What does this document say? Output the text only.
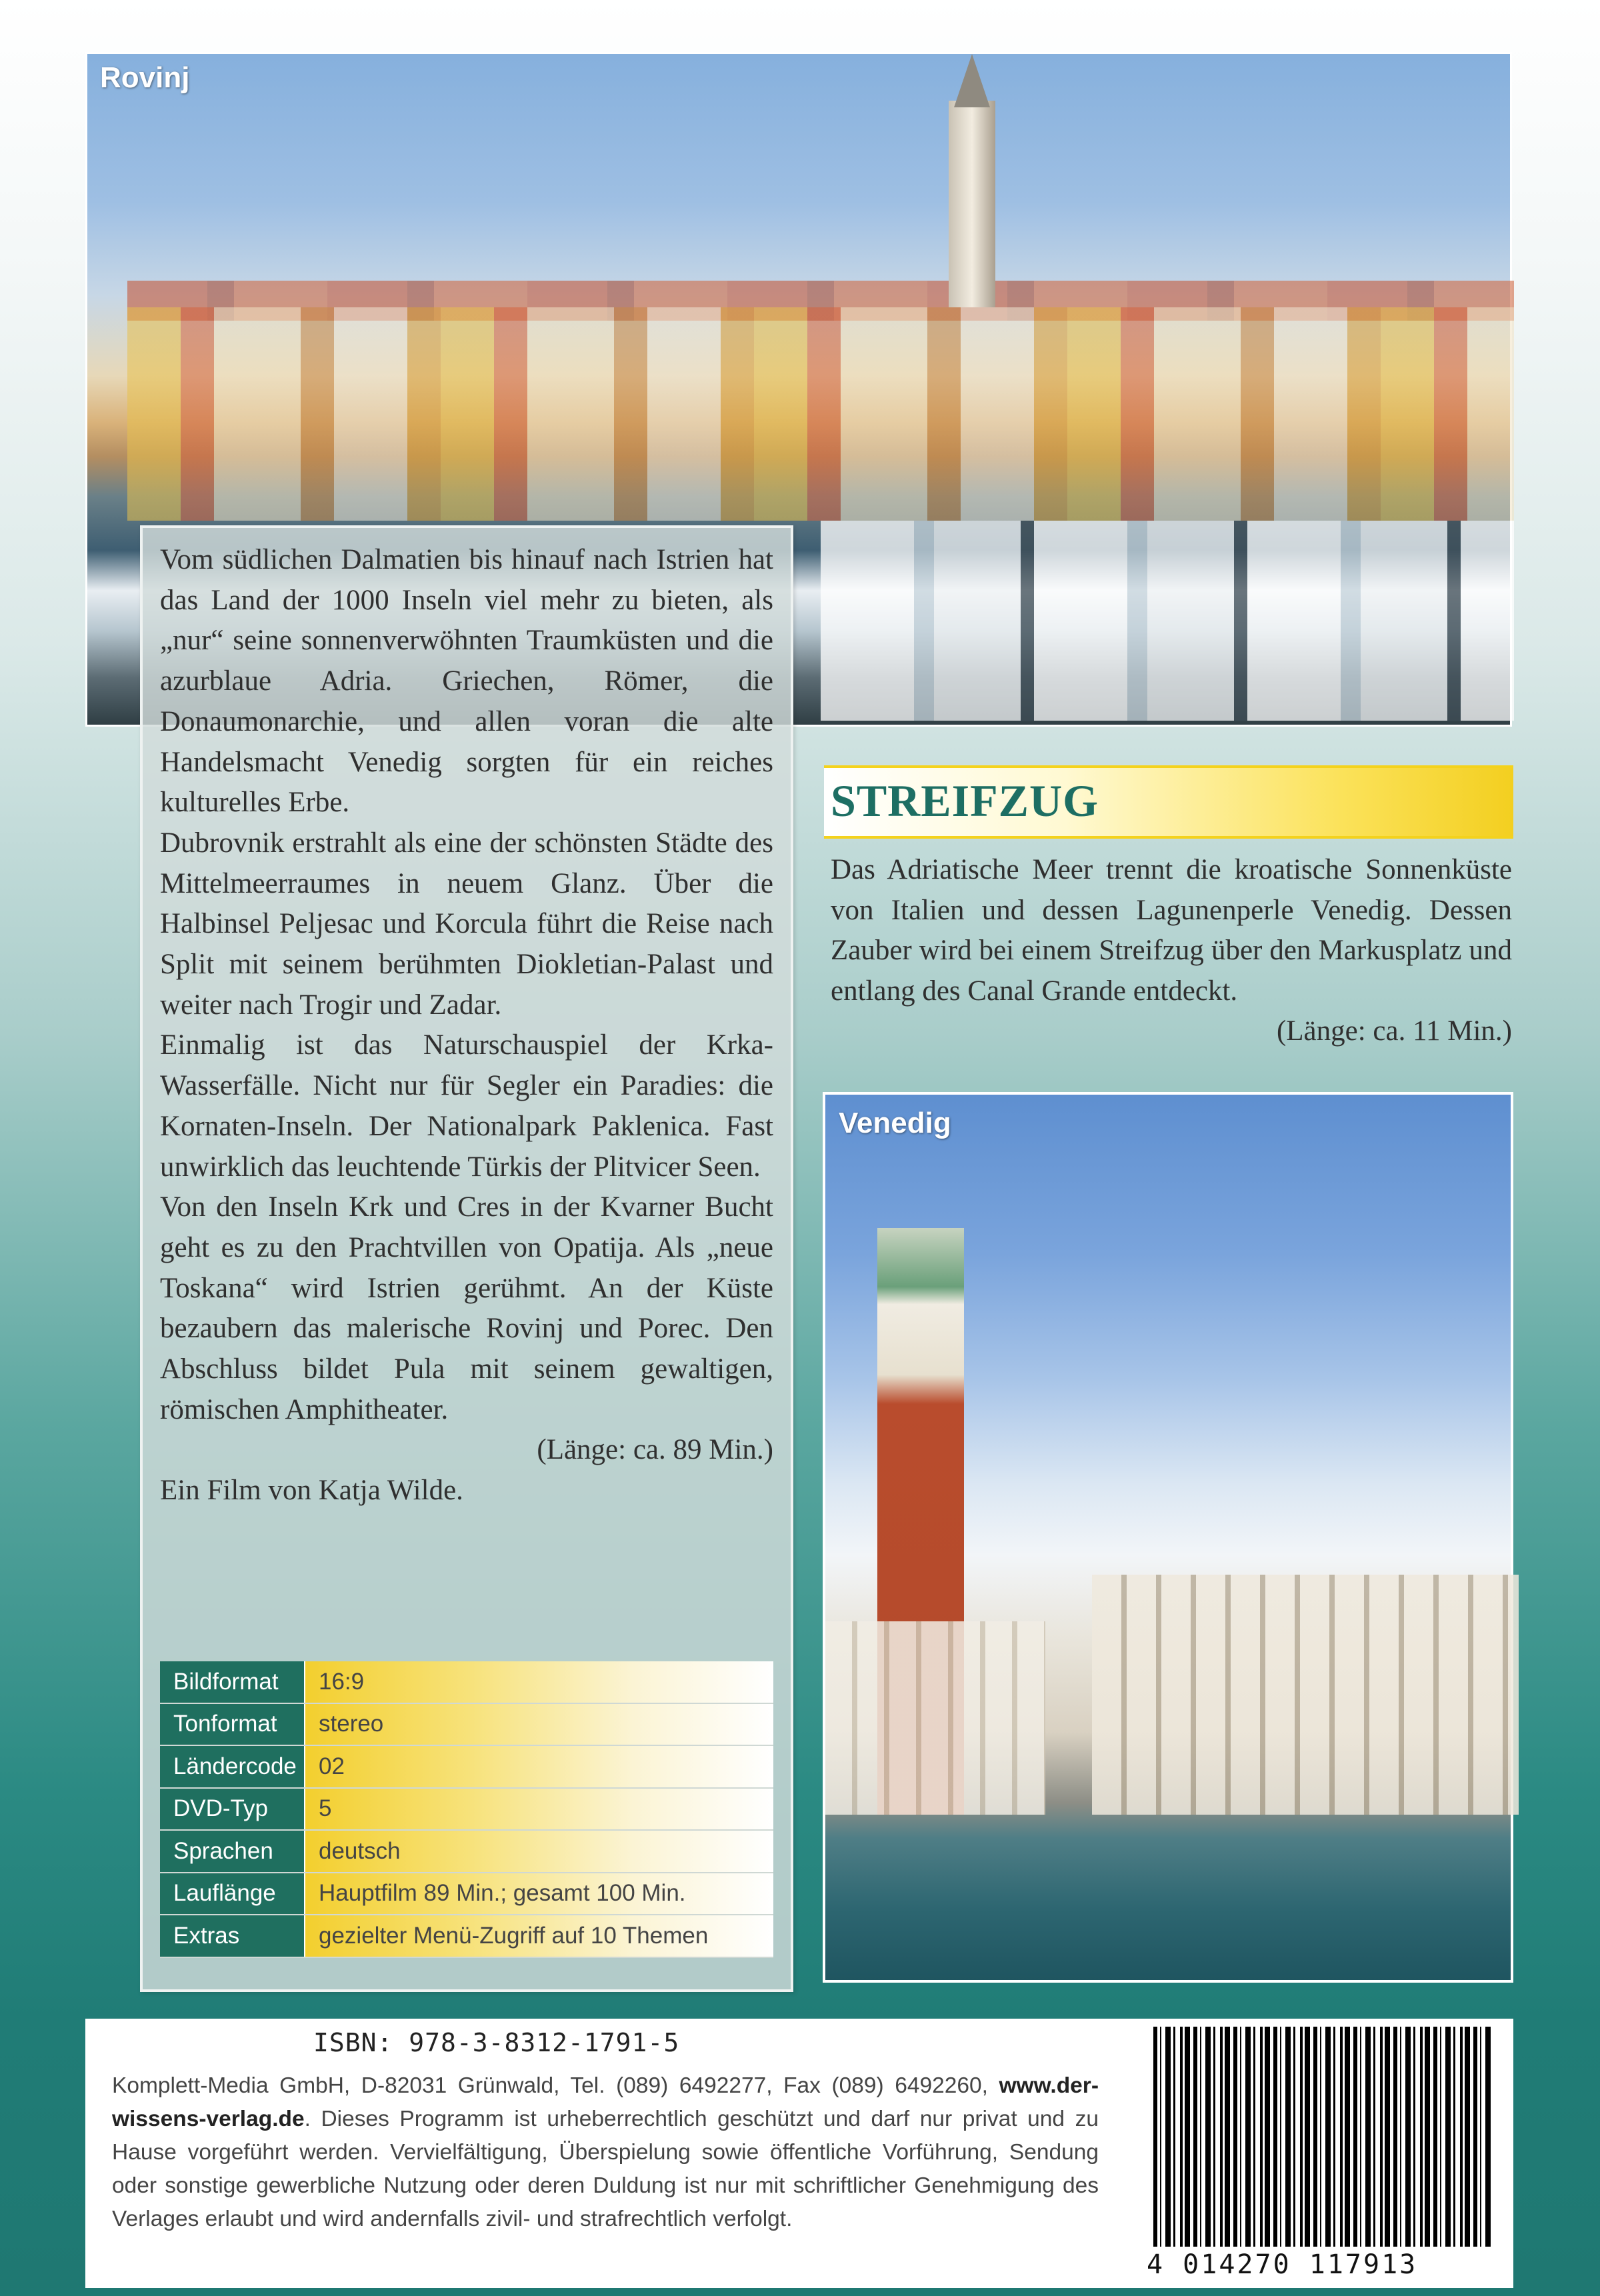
Rovinj

Vom südlichen Dalmatien bis hinauf nach Istrien hat das Land der 1000 Inseln viel mehr zu bieten, als „nur“ seine sonnenverwöhnten Traumküsten und die azurblaue Adria. Griechen, Römer, die Donaumonarchie, und allen voran die alte Handelsmacht Venedig sorgten für ein reiches kulturelles Erbe.

Dubrovnik erstrahlt als eine der schönsten Städte des Mittelmeerraumes in neuem Glanz. Über die Halbinsel Peljesac und Korcula führt die Reise nach Split mit seinem berühmten Diokletian-Palast und weiter nach Trogir und Zadar.

Einmalig ist das Naturschauspiel der Krka-Wasserfälle. Nicht nur für Segler ein Paradies: die Kornaten-Inseln. Der Nationalpark Paklenica. Fast unwirklich das leuchtende Türkis der Plitvicer Seen.

Von den Inseln Krk und Cres in der Kvarner Bucht geht es zu den Prachtvillen von Opatija. Als „neue Toskana“ wird Istrien gerühmt. An der Küste bezaubern das malerische Rovinj und Porec. Den Abschluss bildet Pula mit seinem gewaltigen, römischen Amphitheater.

(Länge: ca. 89 Min.)

Ein Film von Katja Wilde.

Bildformat	16:9
Tonformat	stereo
Ländercode	02
DVD-Typ	5
Sprachen	deutsch
Lauflänge	Hauptfilm 89 Min.; gesamt 100 Min.
Extras	gezielter Menü-Zugriff auf 10 Themen
STREIFZUG
Das Adriatische Meer trennt die kroatische Sonnenküste von Italien und dessen Lagunenperle Venedig. Dessen Zauber wird bei einem Streifzug über den Markusplatz und entlang des Canal Grande entdeckt.
(Länge: ca. 11 Min.)
Venedig
ISBN: 978-3-8312-1791-5
Komplett-Media GmbH, D-82031 Grünwald, Tel. (089) 6492277, Fax (089) 6492260, www.der-wissens-verlag.de. Dieses Programm ist urheberrechtlich geschützt und darf nur privat und zu Hause vorgeführt werden. Vervielfältigung, Überspielung sowie öffentliche Vorführung, Sendung oder sonstige gewerbliche Nutzung oder deren Duldung ist nur mit schriftlicher Genehmigung des Verlages erlaubt und wird andernfalls zivil- und strafrechtlich verfolgt.
4 014270 117913
